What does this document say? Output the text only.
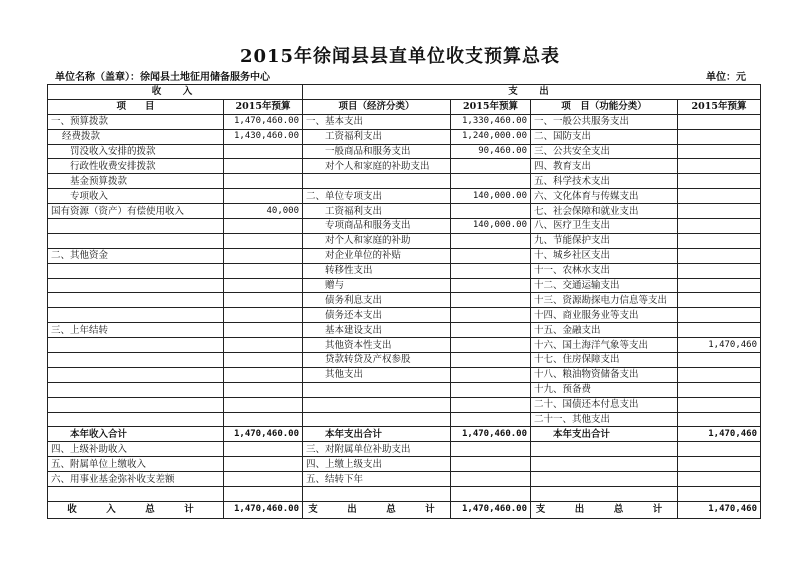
2015年徐闻县县直单位收支预算总表
单位名称（盖章）：徐闻县土地征用储备服务中心	单位：元
收　入		支　出			
项　　目	2015年预算	项目（经济分类）	2015年预算	项　目（功能分类）	2015年预算
一、预算拨款	1,470,460.00	一、基本支出	1,330,460.00	一、一般公共服务支出	
经费拨款	1,430,460.00	工资福利支出	1,240,000.00	二、国防支出	
罚没收入安排的拨款		一般商品和服务支出	90,460.00	三、公共安全支出	
行政性收费安排拨款		对个人和家庭的补助支出		四、教育支出	
基金预算拨款				五、科学技术支出	
专项收入		二、单位专项支出	140,000.00	六、文化体育与传媒支出	
国有资源（资产）有偿使用收入	40,000	工资福利支出		七、社会保障和就业支出	
		专项商品和服务支出	140,000.00	八、医疗卫生支出	
		对个人和家庭的补助		九、节能保护支出	
二、其他资金		对企业单位的补贴		十、城乡社区支出	
		转移性支出		十一、农林水支出	
		赠与		十二、交通运输支出	
		债务利息支出		十三、资源勘探电力信息等支出	
		债务还本支出		十四、商业服务业等支出	
三、上年结转		基本建设支出		十五、金融支出	
		其他资本性支出		十六、国土海洋气象等支出	1,470,460
		贷款转贷及产权参股		十七、住房保障支出	
		其他支出		十八、粮油物资储备支出	
				十九、预备费	
				二十、国债还本付息支出	
				二十一、其他支出	
本年收入合计	1,470,460.00	本年支出合计	1,470,460.00	本年支出合计	1,470,460
四、上级补助收入		三、对附属单位补助支出			
五、附属单位上缴收入		四、上缴上级支出			
六、用事业基金弥补收支差额		五、结转下年			

收　入　总　计	1,470,460.00	支　出　总　计	1,470,460.00	支　出　总　计	1,470,460
